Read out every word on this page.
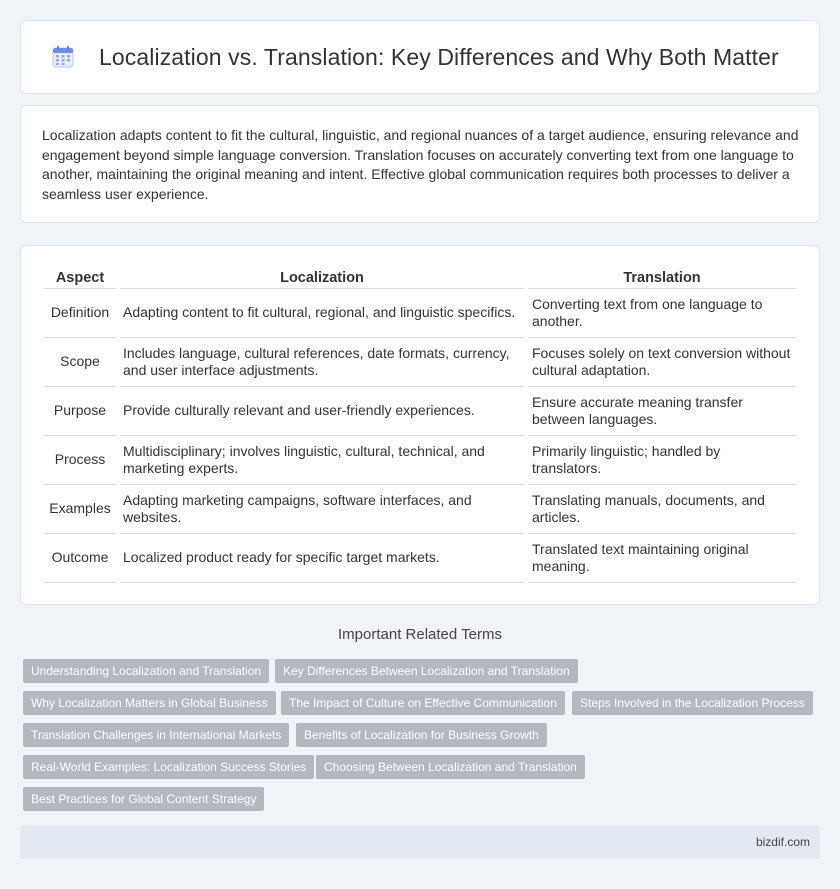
Localization vs. Translation: Key Differences and Why Both Matter

Localization adapts content to fit the cultural, linguistic, and regional nuances of a target audience, ensuring relevance and engagement beyond simple language conversion. Translation focuses on accurately converting text from one language to another, maintaining the original meaning and intent. Effective global communication requires both processes to deliver a seamless user experience.

Aspect	Localization	Translation
Definition	Adapting content to fit cultural, regional, and linguistic specifics.	Converting text from one language to another.
Scope	Includes language, cultural references, date formats, currency, and user interface adjustments.	Focuses solely on text conversion without cultural adaptation.
Purpose	Provide culturally relevant and user-friendly experiences.	Ensure accurate meaning transfer between languages.
Process	Multidisciplinary; involves linguistic, cultural, technical, and marketing experts.	Primarily linguistic; handled by translators.
Examples	Adapting marketing campaigns, software interfaces, and websites.	Translating manuals, documents, and articles.
Outcome	Localized product ready for specific target markets.	Translated text maintaining original meaning.
Important Related Terms
Understanding Localization and Translation	Key Differences Between Localization and Translation
Why Localization Matters in Global Business	The Impact of Culture on Effective Communication	Steps Involved in the Localization Process
Translation Challenges in International Markets	Benefits of Localization for Business Growth
Real-World Examples: Localization Success Stories	Choosing Between Localization and Translation
Best Practices for Global Content Strategy
bizdif.com
